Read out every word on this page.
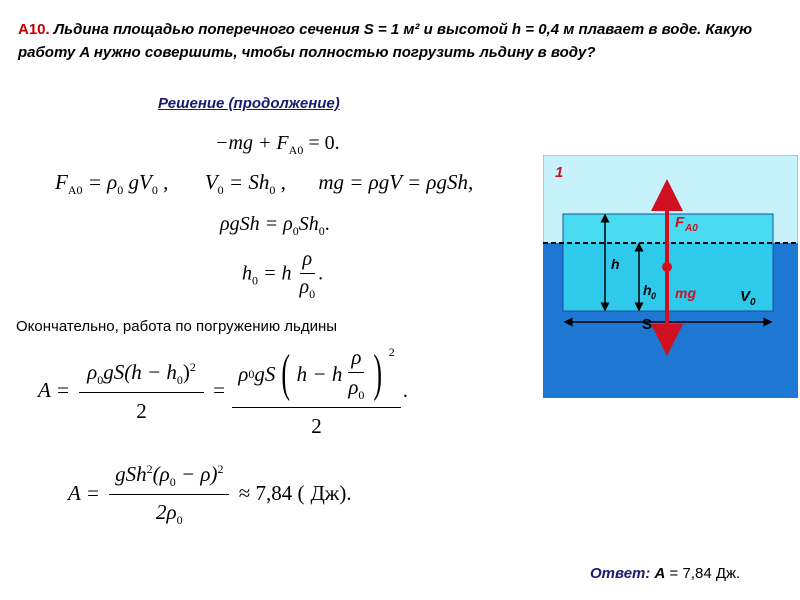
А10. Льдина площадью поперечного сечения S = 1 м² и высотой h = 0,4 м плавает в воде. Какую работу A нужно совершить, чтобы полностью погрузить льдину в воду?
Решение (продолжение)
$-mg + F_{A0} = 0$.
$F_{A0} = \rho_0$ $gV_0$ , $V_0 = Sh_0$ , mg = ρgV = ρgSh,
$\rho gSh = \rho_0Sh_0$.
$h_0 = h \frac{\rho}{\rho_0}$ .
Окончательно, работа по погружению льдины
$A = \frac{\rho_0gS(h - h_0)^2}{2}$ =
ρ 0 gS ( h − h $\frac{\rho}{\rho_0}$ ) $^2$
2
.
$A = \frac{gSh^2(\rho_0 - \rho)^2}{2\rho_0} \approx 7,84$ ( Дж).
Ответ: A = 7,84 Дж.
1
F A0
mg
h
h 0	V 0
S
